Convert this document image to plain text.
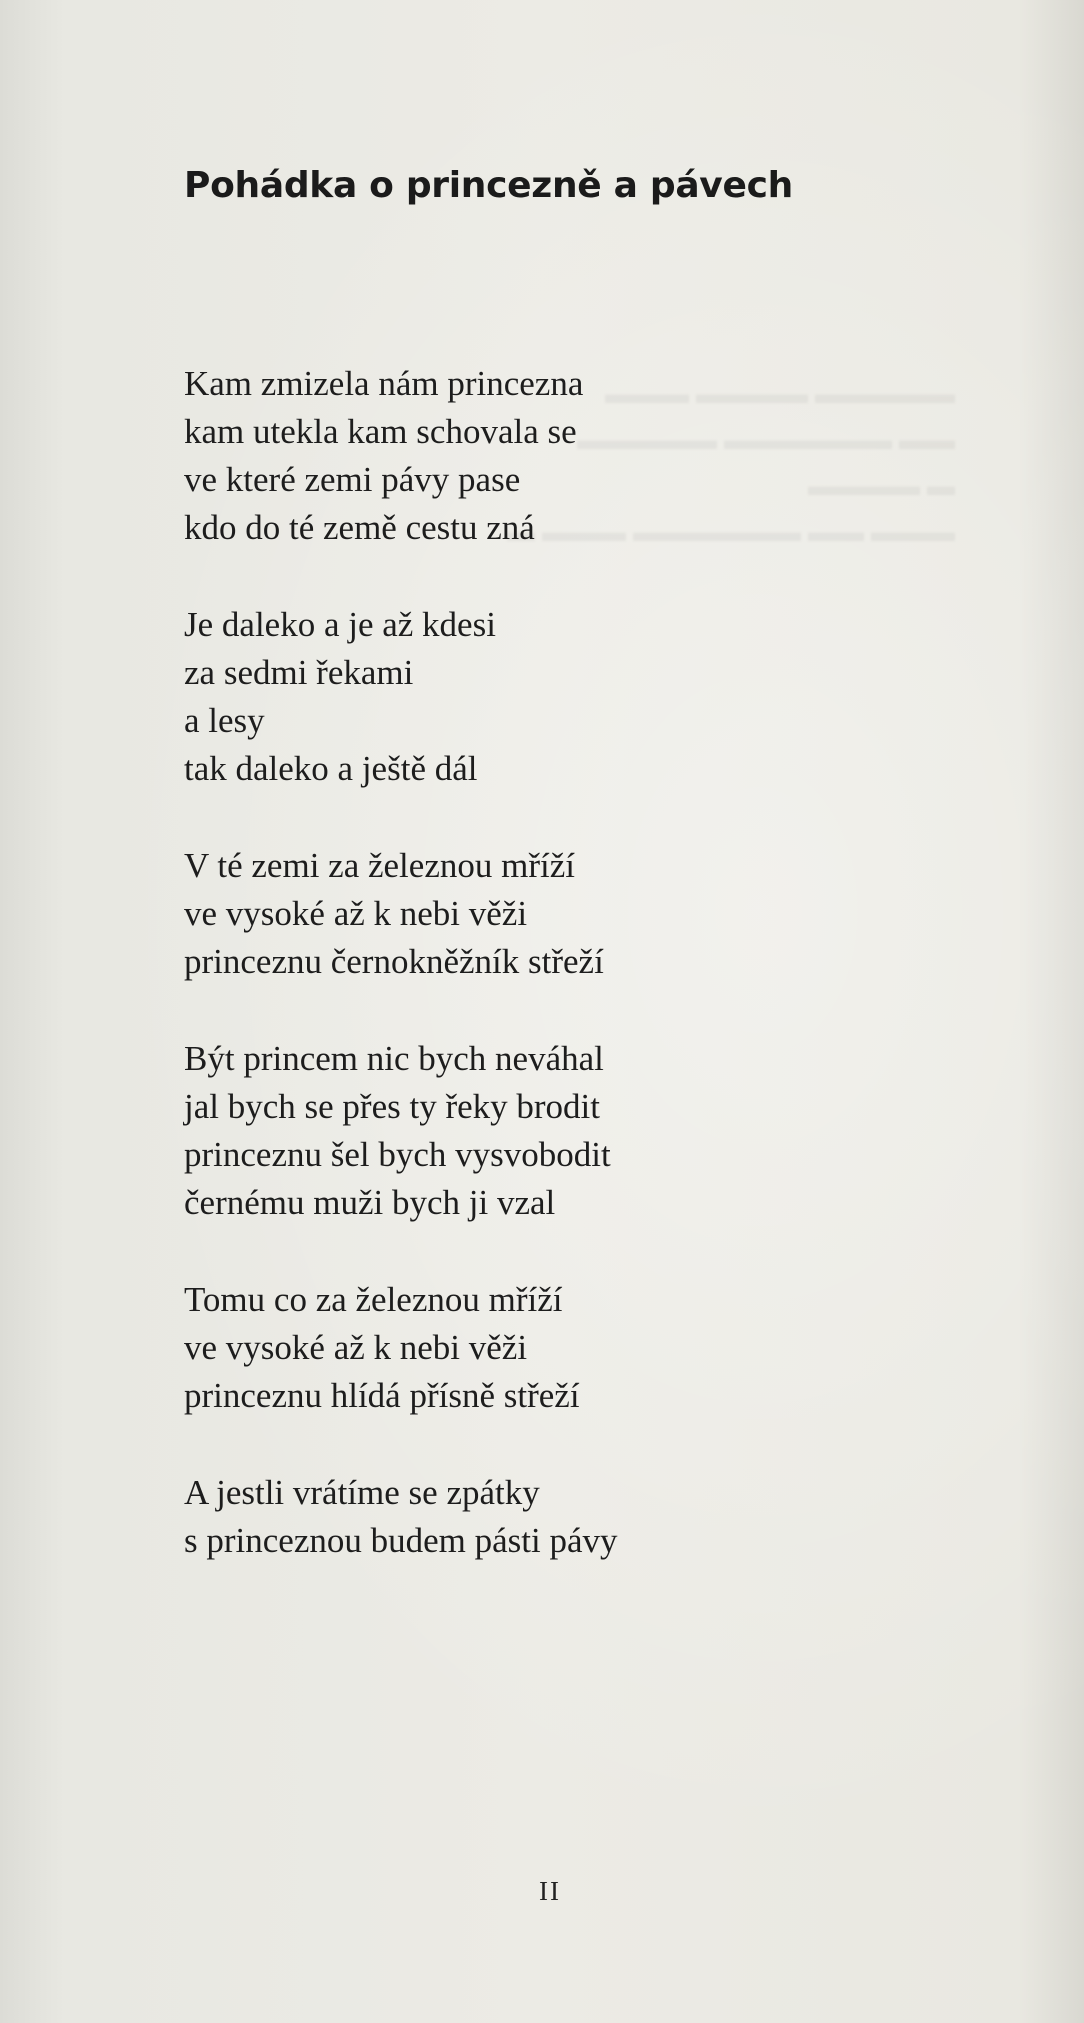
▬▬▬▬▬ ▬▬▬▬ ▬▬▬
▬▬ ▬▬▬▬▬▬ ▬▬▬▬▬
▬ ▬▬▬▬
▬▬▬ ▬▬ ▬▬▬▬▬▬ ▬▬▬ ▬
Pohádka o princezně a pávech

Kam zmizela nám princezna
kam utekla kam schovala se
ve které zemi pávy pase
kdo do té země cestu zná

Je daleko a je až kdesi
za sedmi řekami
a lesy
tak daleko a ještě dál

V té zemi za železnou mříží
ve vysoké až k nebi věži
princeznu černokněžník střeží

Být princem nic bych neváhal
jal bych se přes ty řeky brodit
princeznu šel bych vysvobodit
černému muži bych ji vzal

Tomu co za železnou mříží
ve vysoké až k nebi věži
princeznu hlídá přísně střeží

A jestli vrátíme se zpátky
s princeznou budem pásti pávy

II
